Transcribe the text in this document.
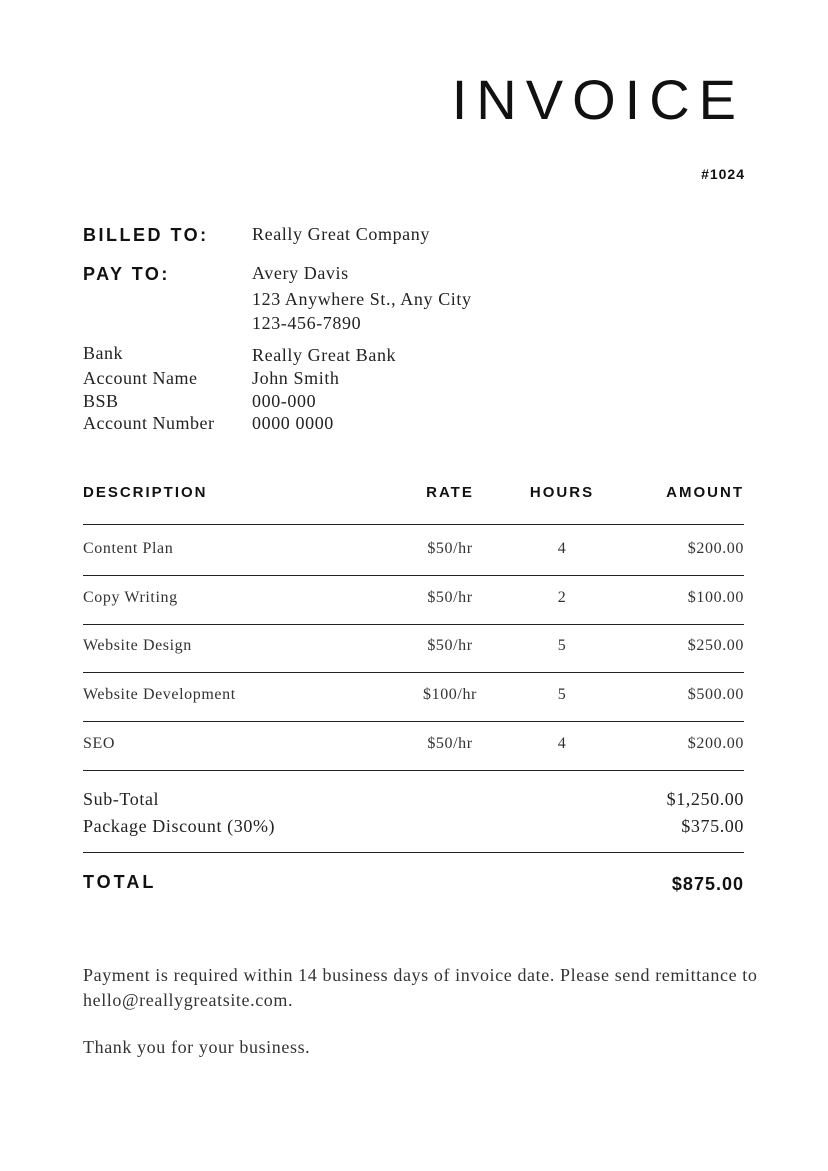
INVOICE
#1024
BILLED TO: Really Great Company
PAY TO:	Avery Davis
123 Anywhere St., Any City
123-456-7890
Bank	Really Great Bank
Account Name	John Smith
BSB	000-000
Account Number 0000 0000
DESCRIPTION	RATE	HOURS	AMOUNT
Content Plan	$50/hr	4	$200.00
Copy Writing	$50/hr	2	$100.00
Website Design	$50/hr	5	$250.00
Website Development	$100/hr	5	$500.00
SEO	$50/hr	4	$200.00
Sub-Total	$1,250.00
Package Discount (30%)	$375.00
TOTAL	$875.00
Payment is required within 14 business days of invoice date. Please send remittance to hello@reallygreatsite.com.
Thank you for your business.
